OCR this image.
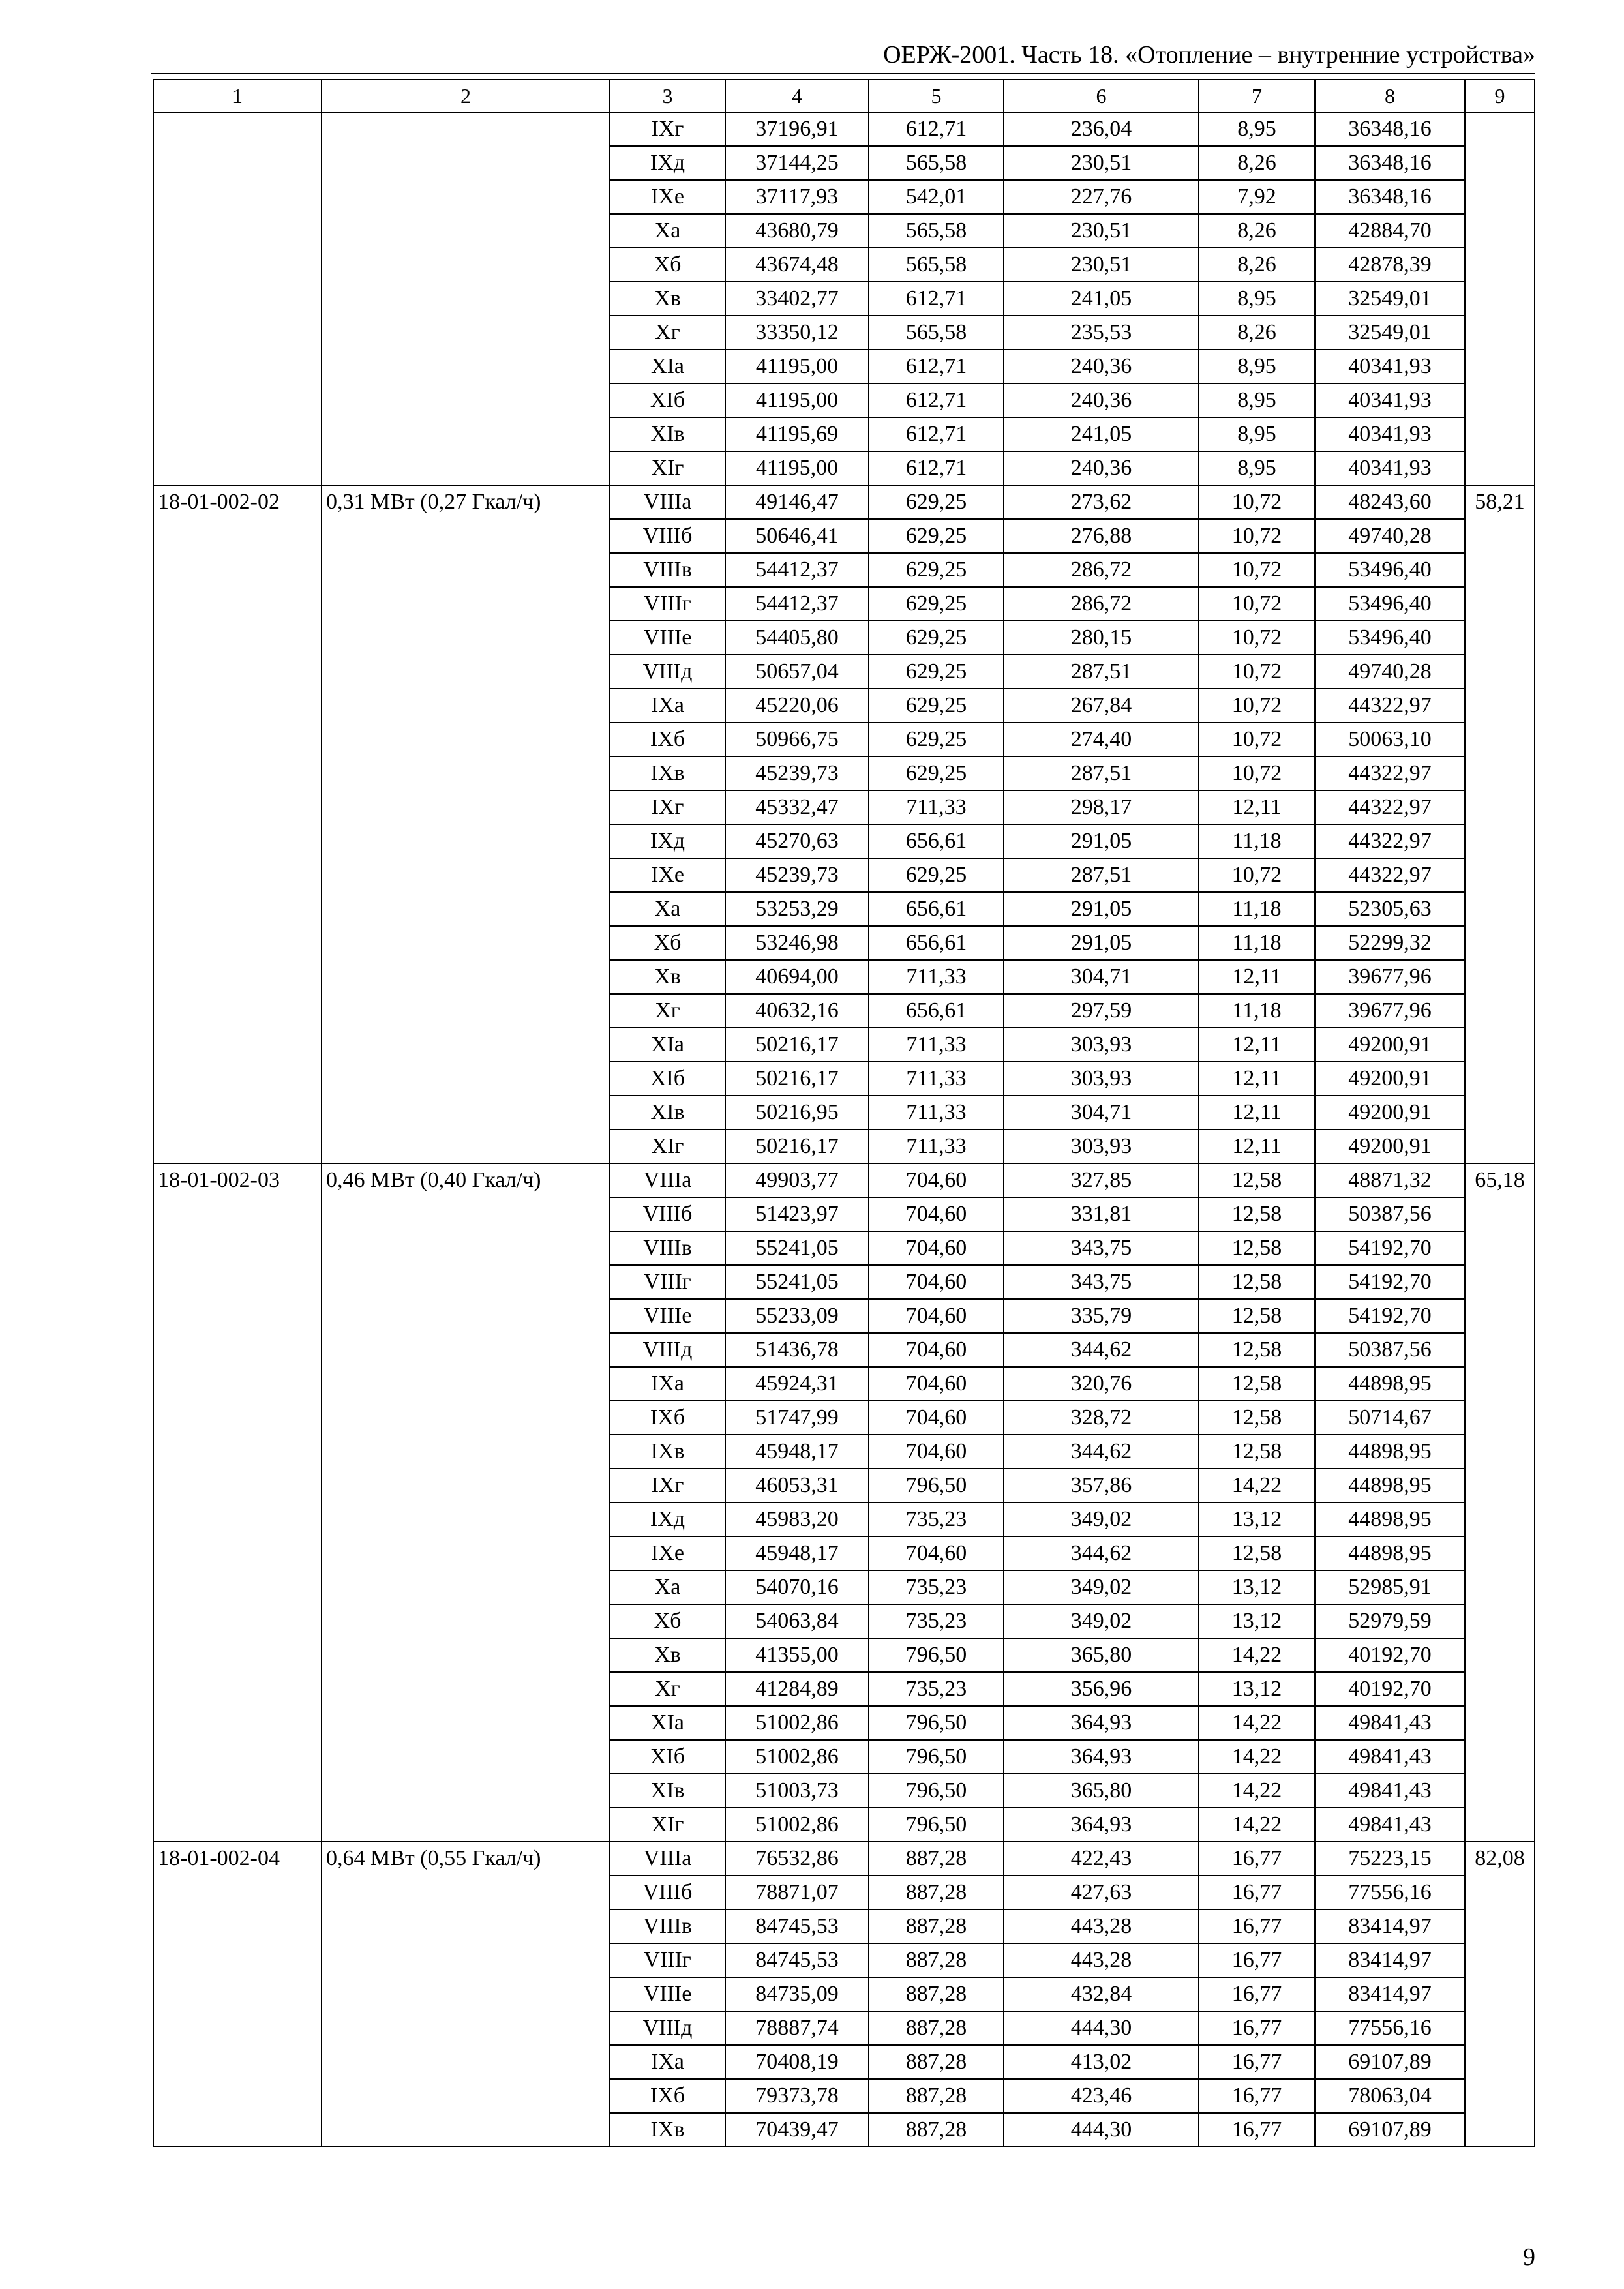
ОЕРЖ-2001. Часть 18. «Отопление – внутренние устройства»
1	2	3	4	5	6	7	8	9
		IXг	37196,91	612,71	236,04	8,95	36348,16	
		IXд	37144,25	565,58	230,51	8,26	36348,16	
		IXе	37117,93	542,01	227,76	7,92	36348,16	
		Xа	43680,79	565,58	230,51	8,26	42884,70	
		Xб	43674,48	565,58	230,51	8,26	42878,39	
		Xв	33402,77	612,71	241,05	8,95	32549,01	
		Xг	33350,12	565,58	235,53	8,26	32549,01	
		XIа	41195,00	612,71	240,36	8,95	40341,93	
		XIб	41195,00	612,71	240,36	8,95	40341,93	
		XIв	41195,69	612,71	241,05	8,95	40341,93	
		XIг	41195,00	612,71	240,36	8,95	40341,93	
18-01-002-02	0,31 МВт (0,27 Гкал/ч)	VIIIа	49146,47	629,25	273,62	10,72	48243,60	58,21
		VIIIб	50646,41	629,25	276,88	10,72	49740,28	
		VIIIв	54412,37	629,25	286,72	10,72	53496,40	
		VIIIг	54412,37	629,25	286,72	10,72	53496,40	
		VIIIе	54405,80	629,25	280,15	10,72	53496,40	
		VIIIд	50657,04	629,25	287,51	10,72	49740,28	
		IXа	45220,06	629,25	267,84	10,72	44322,97	
		IXб	50966,75	629,25	274,40	10,72	50063,10	
		IXв	45239,73	629,25	287,51	10,72	44322,97	
		IXг	45332,47	711,33	298,17	12,11	44322,97	
		IXд	45270,63	656,61	291,05	11,18	44322,97	
		IXе	45239,73	629,25	287,51	10,72	44322,97	
		Xа	53253,29	656,61	291,05	11,18	52305,63	
		Xб	53246,98	656,61	291,05	11,18	52299,32	
		Xв	40694,00	711,33	304,71	12,11	39677,96	
		Xг	40632,16	656,61	297,59	11,18	39677,96	
		XIа	50216,17	711,33	303,93	12,11	49200,91	
		XIб	50216,17	711,33	303,93	12,11	49200,91	
		XIв	50216,95	711,33	304,71	12,11	49200,91	
		XIг	50216,17	711,33	303,93	12,11	49200,91	
18-01-002-03	0,46 МВт (0,40 Гкал/ч)	VIIIа	49903,77	704,60	327,85	12,58	48871,32	65,18
		VIIIб	51423,97	704,60	331,81	12,58	50387,56	
		VIIIв	55241,05	704,60	343,75	12,58	54192,70	
		VIIIг	55241,05	704,60	343,75	12,58	54192,70	
		VIIIе	55233,09	704,60	335,79	12,58	54192,70	
		VIIIд	51436,78	704,60	344,62	12,58	50387,56	
		IXа	45924,31	704,60	320,76	12,58	44898,95	
		IXб	51747,99	704,60	328,72	12,58	50714,67	
		IXв	45948,17	704,60	344,62	12,58	44898,95	
		IXг	46053,31	796,50	357,86	14,22	44898,95	
		IXд	45983,20	735,23	349,02	13,12	44898,95	
		IXе	45948,17	704,60	344,62	12,58	44898,95	
		Xа	54070,16	735,23	349,02	13,12	52985,91	
		Xб	54063,84	735,23	349,02	13,12	52979,59	
		Xв	41355,00	796,50	365,80	14,22	40192,70	
		Xг	41284,89	735,23	356,96	13,12	40192,70	
		XIа	51002,86	796,50	364,93	14,22	49841,43	
		XIб	51002,86	796,50	364,93	14,22	49841,43	
		XIв	51003,73	796,50	365,80	14,22	49841,43	
		XIг	51002,86	796,50	364,93	14,22	49841,43	
18-01-002-04	0,64 МВт (0,55 Гкал/ч)	VIIIа	76532,86	887,28	422,43	16,77	75223,15	82,08
		VIIIб	78871,07	887,28	427,63	16,77	77556,16	
		VIIIв	84745,53	887,28	443,28	16,77	83414,97	
		VIIIг	84745,53	887,28	443,28	16,77	83414,97	
		VIIIе	84735,09	887,28	432,84	16,77	83414,97	
		VIIIд	78887,74	887,28	444,30	16,77	77556,16	
		IXа	70408,19	887,28	413,02	16,77	69107,89	
		IXб	79373,78	887,28	423,46	16,77	78063,04	
		IXв	70439,47	887,28	444,30	16,77	69107,89	
9
